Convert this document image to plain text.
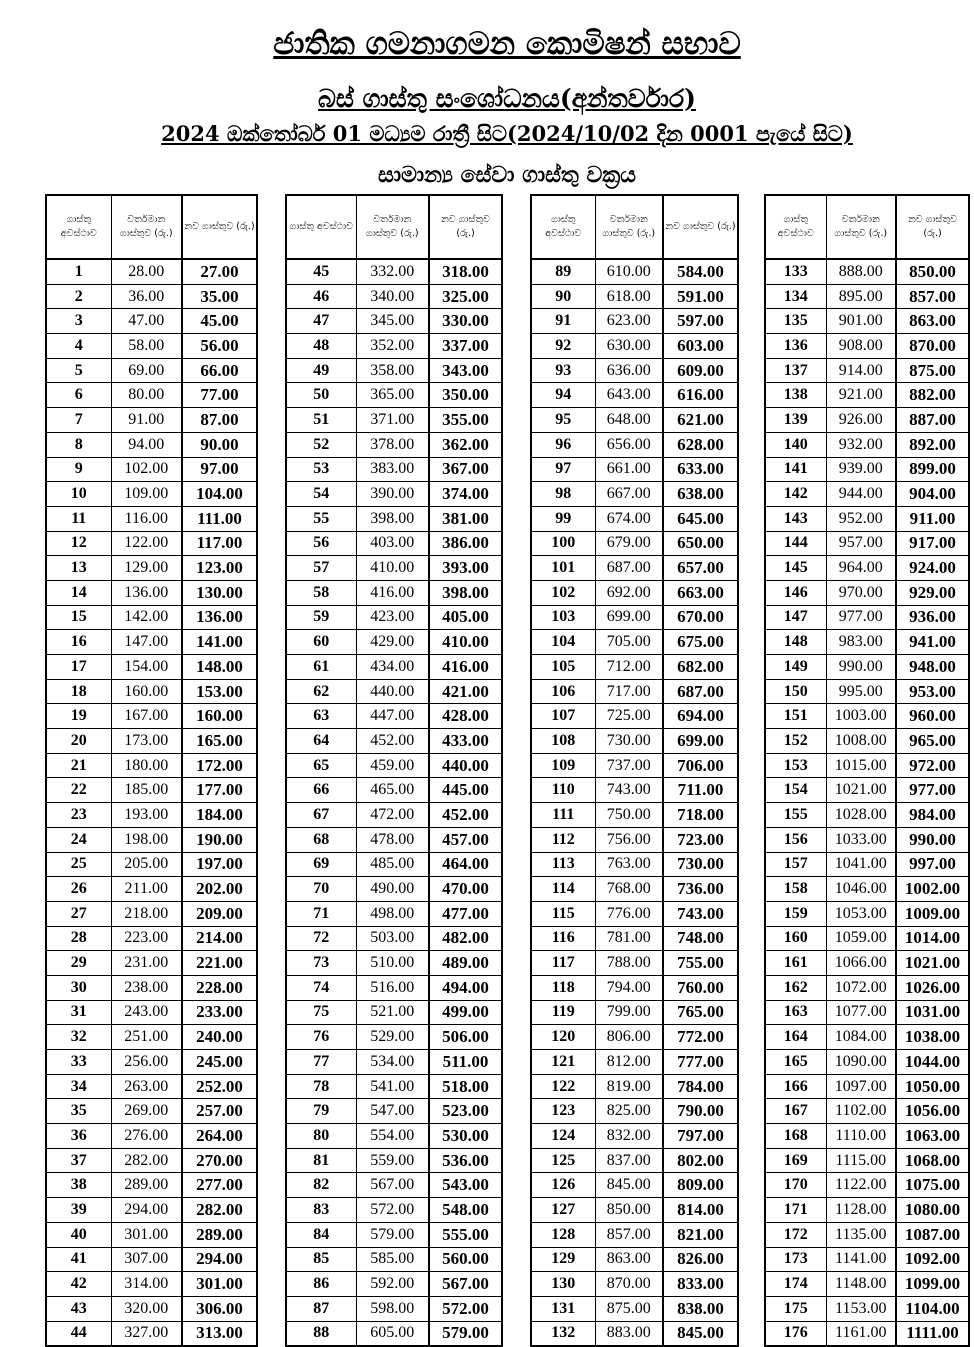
ජාතික ගමනාගමන කොමිෂන් සභාව
බස් ගාස්තු සංශෝධනය(අන්තර්වාර)
2024 ඔක්තෝබර් 01 මධ්‍යම රාත්‍රී සිට(2024/10/02 දින 0001 පැයේ සිට)
සාමාන්‍ය සේවා ගාස්තු වක්‍රය
ගාස්තු අවස්ථාව	වර්තමාන ගාස්තුව (රු.)	නව ගාස්තුව (රු.)
1	28.00	27.00
2	36.00	35.00
3	47.00	45.00
4	58.00	56.00
5	69.00	66.00
6	80.00	77.00
7	91.00	87.00
8	94.00	90.00
9	102.00	97.00
10	109.00	104.00
11	116.00	111.00
12	122.00	117.00
13	129.00	123.00
14	136.00	130.00
15	142.00	136.00
16	147.00	141.00
17	154.00	148.00
18	160.00	153.00
19	167.00	160.00
20	173.00	165.00
21	180.00	172.00
22	185.00	177.00
23	193.00	184.00
24	198.00	190.00
25	205.00	197.00
26	211.00	202.00
27	218.00	209.00
28	223.00	214.00
29	231.00	221.00
30	238.00	228.00
31	243.00	233.00
32	251.00	240.00
33	256.00	245.00
34	263.00	252.00
35	269.00	257.00
36	276.00	264.00
37	282.00	270.00
38	289.00	277.00
39	294.00	282.00
40	301.00	289.00
41	307.00	294.00
42	314.00	301.00
43	320.00	306.00
44	327.00	313.00
ගාස්තු අවස්ථාව	වර්තමාන ගාස්තුව (රු.)	නව ගාස්තුව (රු.)
45	332.00	318.00
46	340.00	325.00
47	345.00	330.00
48	352.00	337.00
49	358.00	343.00
50	365.00	350.00
51	371.00	355.00
52	378.00	362.00
53	383.00	367.00
54	390.00	374.00
55	398.00	381.00
56	403.00	386.00
57	410.00	393.00
58	416.00	398.00
59	423.00	405.00
60	429.00	410.00
61	434.00	416.00
62	440.00	421.00
63	447.00	428.00
64	452.00	433.00
65	459.00	440.00
66	465.00	445.00
67	472.00	452.00
68	478.00	457.00
69	485.00	464.00
70	490.00	470.00
71	498.00	477.00
72	503.00	482.00
73	510.00	489.00
74	516.00	494.00
75	521.00	499.00
76	529.00	506.00
77	534.00	511.00
78	541.00	518.00
79	547.00	523.00
80	554.00	530.00
81	559.00	536.00
82	567.00	543.00
83	572.00	548.00
84	579.00	555.00
85	585.00	560.00
86	592.00	567.00
87	598.00	572.00
88	605.00	579.00
ගාස්තු අවස්ථාව	වර්තමාන ගාස්තුව (රු.)	නව ගාස්තුව (රු.)
89	610.00	584.00
90	618.00	591.00
91	623.00	597.00
92	630.00	603.00
93	636.00	609.00
94	643.00	616.00
95	648.00	621.00
96	656.00	628.00
97	661.00	633.00
98	667.00	638.00
99	674.00	645.00
100	679.00	650.00
101	687.00	657.00
102	692.00	663.00
103	699.00	670.00
104	705.00	675.00
105	712.00	682.00
106	717.00	687.00
107	725.00	694.00
108	730.00	699.00
109	737.00	706.00
110	743.00	711.00
111	750.00	718.00
112	756.00	723.00
113	763.00	730.00
114	768.00	736.00
115	776.00	743.00
116	781.00	748.00
117	788.00	755.00
118	794.00	760.00
119	799.00	765.00
120	806.00	772.00
121	812.00	777.00
122	819.00	784.00
123	825.00	790.00
124	832.00	797.00
125	837.00	802.00
126	845.00	809.00
127	850.00	814.00
128	857.00	821.00
129	863.00	826.00
130	870.00	833.00
131	875.00	838.00
132	883.00	845.00
ගාස්තු අවස්ථාව	වර්තමාන ගාස්තුව (රු.)	නව ගාස්තුව (රු.)
133	888.00	850.00
134	895.00	857.00
135	901.00	863.00
136	908.00	870.00
137	914.00	875.00
138	921.00	882.00
139	926.00	887.00
140	932.00	892.00
141	939.00	899.00
142	944.00	904.00
143	952.00	911.00
144	957.00	917.00
145	964.00	924.00
146	970.00	929.00
147	977.00	936.00
148	983.00	941.00
149	990.00	948.00
150	995.00	953.00
151	1003.00	960.00
152	1008.00	965.00
153	1015.00	972.00
154	1021.00	977.00
155	1028.00	984.00
156	1033.00	990.00
157	1041.00	997.00
158	1046.00	1002.00
159	1053.00	1009.00
160	1059.00	1014.00
161	1066.00	1021.00
162	1072.00	1026.00
163	1077.00	1031.00
164	1084.00	1038.00
165	1090.00	1044.00
166	1097.00	1050.00
167	1102.00	1056.00
168	1110.00	1063.00
169	1115.00	1068.00
170	1122.00	1075.00
171	1128.00	1080.00
172	1135.00	1087.00
173	1141.00	1092.00
174	1148.00	1099.00
175	1153.00	1104.00
176	1161.00	1111.00
